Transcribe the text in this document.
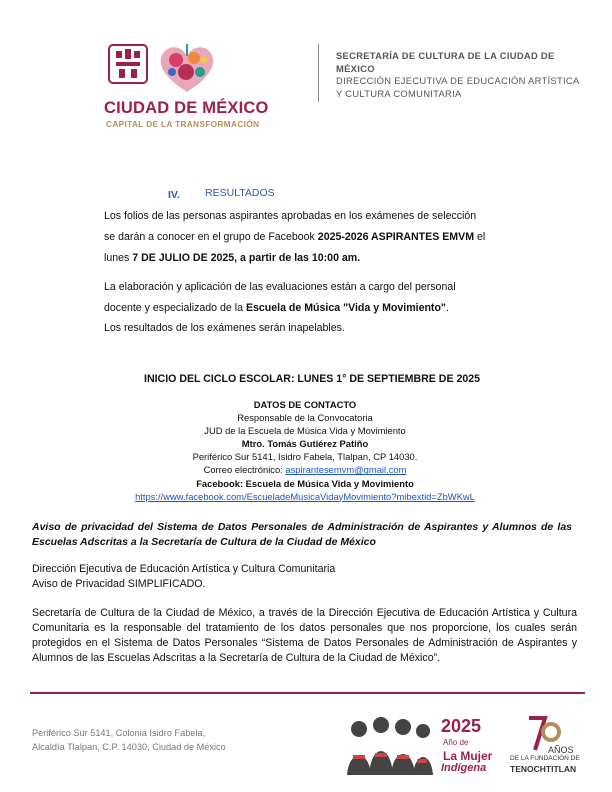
CIUDAD DE MÉXICO
CAPITAL DE LA TRANSFORMACIÓN
SECRETARÍA DE CULTURA DE LA CIUDAD DE MÉXICO
DIRECCIÓN EJECUTIVA DE EDUCACIÓN ARTÍSTICA Y CULTURA COMUNITARIA
IV. RESULTADOS
Los folios de las personas aspirantes aprobadas en los exámenes de selección
se darán a conocer en el grupo de Facebook 2025-2026 ASPIRANTES EMVM el
lunes 7 DE JULIO DE 2025, a partir de las 10:00 am.
La elaboración y aplicación de las evaluaciones están a cargo del personal
docente y especializado de la Escuela de Música "Vida y Movimiento".
Los resultados de los exámenes serán inapelables.
INICIO DEL CICLO ESCOLAR: LUNES 1° DE SEPTIEMBRE DE 2025
DATOS DE CONTACTO
Responsable de la Convocatoria
JUD de la Escuela de Música Vida y Movimiento
Mtro. Tomás Gutiérez Patiño
Periférico Sur 5141, Isidro Fabela, Tlalpan, CP 14030.
Correo electrónico: aspirantesemvm@gmail.com
Facebook: Escuela de Música Vida y Movimiento
https://www.facebook.com/EscueladeMusicaVidayMovimiento?mibextid=ZbWKwL
Aviso de privacidad del Sistema de Datos Personales de Administración de Aspirantes y Alumnos de las Escuelas Adscritas a la Secretaría de Cultura de la Ciudad de México
Dirección Ejecutiva de Educación Artística y Cultura Comunitaria
Aviso de Privacidad SIMPLIFICADO.
Secretaría de Cultura de la Ciudad de México, a través de la Dirección Ejecutiva de Educación Artística y Cultura Comunitaria es la responsable del tratamiento de los datos personales que nos proporcione, los cuales serán protegidos en el Sistema de Datos Personales “Sistema de Datos Personales de Administración de Aspirantes y Alumnos de las Escuelas Adscritas a la Secretaría de Cultura de la Ciudad de México”.
Periférico Sur 5141, Colonia Isidro Fabela,
Alcaldía Tlalpan, C.P. 14030, Ciudad de México
2025
Año de
La Mujer
Indígena
AÑOS
DE LA FUNDACIÓN DE
TENOCHTITLAN
